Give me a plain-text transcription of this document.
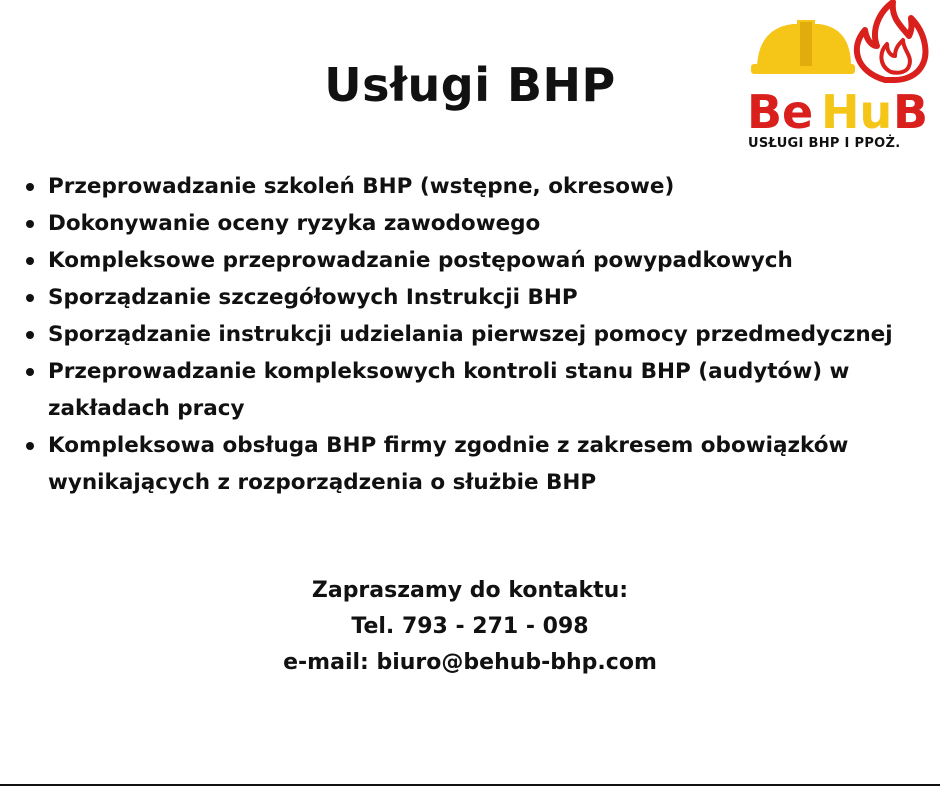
Usługi BHP	Be Hu B
USŁUGI BHP I PPOŻ.
Przeprowadzanie szkoleń BHP (wstępne, okresowe)
Dokonywanie oceny ryzyka zawodowego
Kompleksowe przeprowadzanie postępowań powypadkowych
Sporządzanie szczegółowych Instrukcji BHP
Sporządzanie instrukcji udzielania pierwszej pomocy przedmedycznej
Przeprowadzanie kompleksowych kontroli stanu BHP (audytów) w zakładach pracy
Kompleksowa obsługa BHP firmy zgodnie z zakresem obowiązków wynikających z rozporządzenia o służbie BHP
Zapraszamy do kontaktu:
Tel. 793 - 271 - 098
e-mail: biuro@behub-bhp.com
